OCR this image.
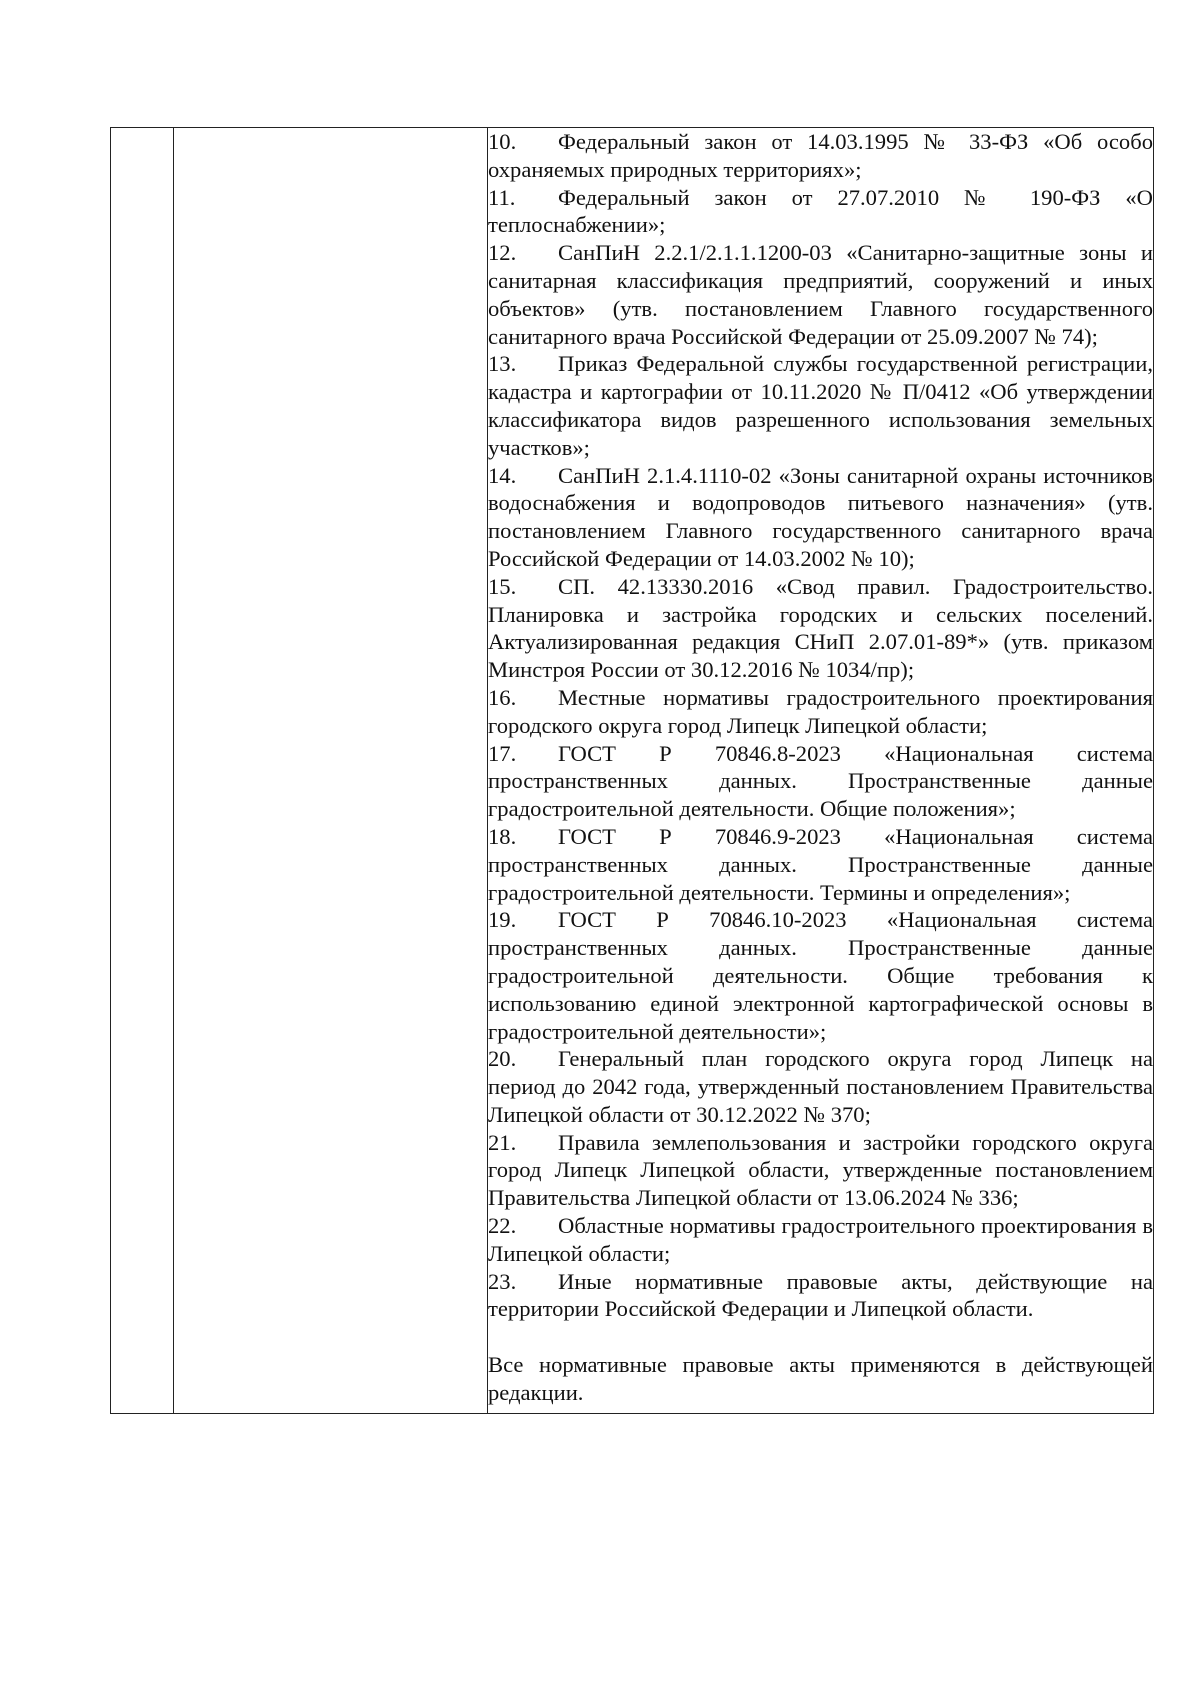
10. Федеральный закон от 14.03.1995 № 33-ФЗ «Об особо охраняемых природных территориях»;

11. Федеральный закон от 27.07.2010 № 190-ФЗ «О теплоснабжении»;

12. СанПиН 2.2.1/2.1.1.1200-03 «Санитарно-защитные зоны и санитарная классификация предприятий, сооружений и иных объектов» (утв. постановлением Главного государственного санитарного врача Российской Федерации от 25.09.2007 № 74);

13. Приказ Федеральной службы государственной регистрации, кадастра и картографии от 10.11.2020 № П/0412 «Об утверждении классификатора видов разрешенного использования земельных участков»;

14. СанПиН 2.1.4.1110-02 «Зоны санитарной охраны источников водоснабжения и водопроводов питьевого назначения» (утв. постановлением Главного государственного санитарного врача Российской Федерации от 14.03.2002 № 10);

15. СП. 42.13330.2016 «Свод правил. Градостроительство. Планировка и застройка городских и сельских поселений. Актуализированная редакция СНиП 2.07.01-89*» (утв. приказом Минстроя России от 30.12.2016 № 1034/пр);

16. Местные нормативы градостроительного проектирования городского округа город Липецк Липецкой области;

17. ГОСТ Р 70846.8-2023 «Национальная система пространственных данных. Пространственные данные градостроительной деятельности. Общие положения»;

18. ГОСТ Р 70846.9-2023 «Национальная система пространственных данных. Пространственные данные градостроительной деятельности. Термины и определения»;

19. ГОСТ Р 70846.10-2023 «Национальная система пространственных данных. Пространственные данные градостроительной деятельности. Общие требования к использованию единой электронной картографической основы в градостроительной деятельности»;

20. Генеральный план городского округа город Липецк на период до 2042 года, утвержденный постановлением Правительства Липецкой области от 30.12.2022 № 370;

21. Правила землепользования и застройки городского округа город Липецк Липецкой области, утвержденные постановлением Правительства Липецкой области от 13.06.2024 № 336;

22. Областные нормативы градостроительного проектирования в Липецкой области;

23. Иные нормативные правовые акты, действующие на территории Российской Федерации и Липецкой области.

Все нормативные правовые акты применяются в действующей редакции.
